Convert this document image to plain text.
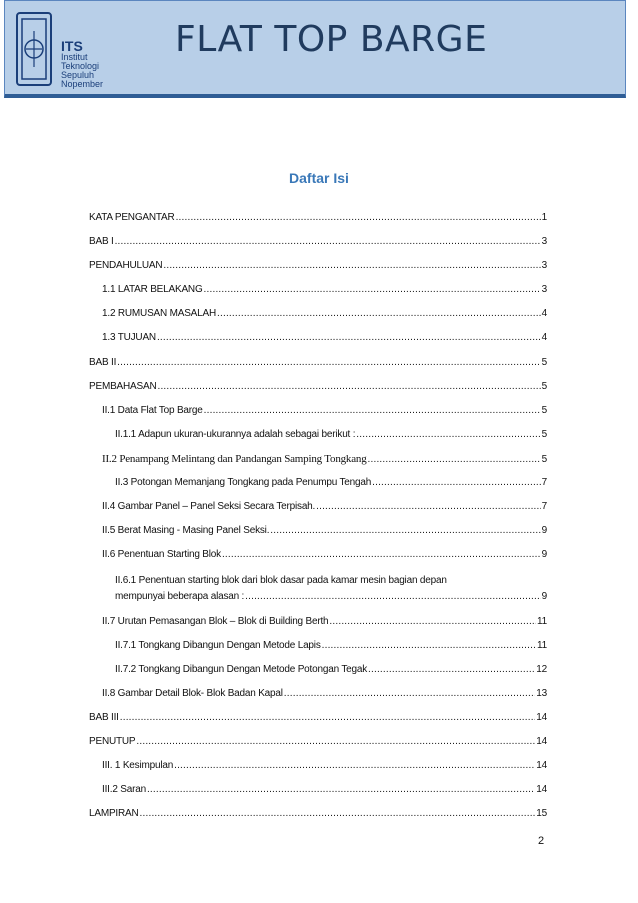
ITS
Institut
Teknologi
Sepuluh Nopember
FLAT TOP BARGE
Daftar Isi
KATA PENGANTAR .....	1
BAB I .....	3
PENDAHULUAN .....	3
1.1 LATAR BELAKANG .....	3
1.2 RUMUSAN MASALAH .....	4
1.3 TUJUAN .....	4
BAB II .....	5
PEMBAHASAN .....	5
II.1 Data Flat Top Barge .....	5
II.1.1 Adapun ukuran-ukurannya adalah sebagai berikut : .....	5
II.2 Penampang Melintang dan Pandangan Samping Tongkang .....	5
II.3 Potongan Memanjang Tongkang pada Penumpu Tengah .....	7
II.4 Gambar Panel – Panel Seksi Secara Terpisah. .....	7
II.5 Berat Masing - Masing Panel Seksi. .....	9
II.6 Penentuan Starting Blok .....	9
II.6.1 Penentuan starting blok dari blok dasar pada kamar mesin bagian depan
mempunyai beberapa alasan : .....	9
II.7 Urutan Pemasangan Blok – Blok di Building Berth .....	11
II.7.1 Tongkang Dibangun Dengan Metode Lapis .....	11
II.7.2 Tongkang Dibangun Dengan Metode Potongan Tegak .....	12
II.8 Gambar Detail Blok- Blok Badan Kapal .....	13
BAB III .....	14
PENUTUP .....	14
III. 1 Kesimpulan .....	14
III.2 Saran .....	14
LAMPIRAN .....	15
2
